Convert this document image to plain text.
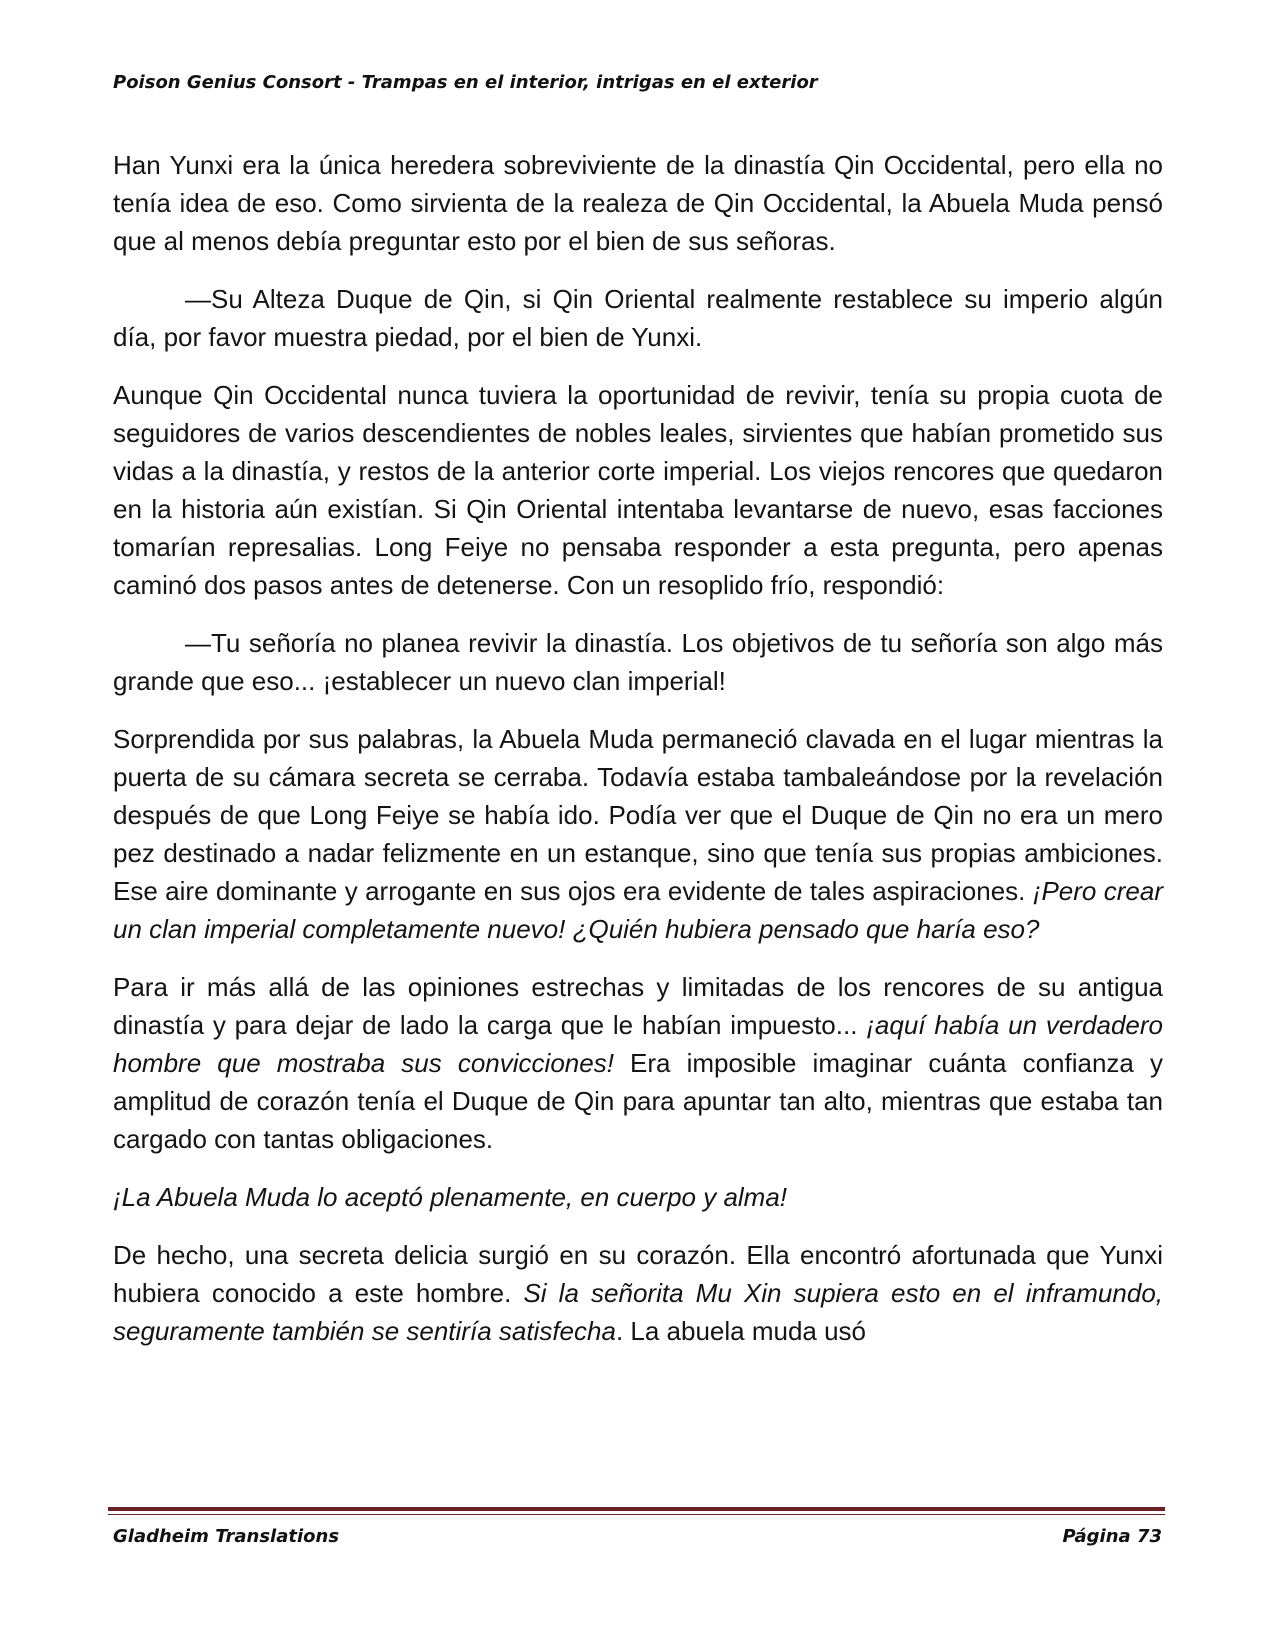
Poison Genius Consort - Trampas en el interior, intrigas en el exterior

Han Yunxi era la única heredera sobreviviente de la dinastía Qin Occidental, pero ella no tenía idea de eso. Como sirvienta de la realeza de Qin Occidental, la Abuela Muda pensó que al menos debía preguntar esto por el bien de sus señoras.

—Su Alteza Duque de Qin, si Qin Oriental realmente restablece su imperio algún día, por favor muestra piedad, por el bien de Yunxi.

Aunque Qin Occidental nunca tuviera la oportunidad de revivir, tenía su propia cuota de seguidores de varios descendientes de nobles leales, sirvientes que habían prometido sus vidas a la dinastía, y restos de la anterior corte imperial. Los viejos rencores que quedaron en la historia aún existían. Si Qin Oriental intentaba levantarse de nuevo, esas facciones tomarían represalias. Long Feiye no pensaba responder a esta pregunta, pero apenas caminó dos pasos antes de detenerse. Con un resoplido frío, respondió:

—Tu señoría no planea revivir la dinastía. Los objetivos de tu señoría son algo más grande que eso... ¡establecer un nuevo clan imperial!

Sorprendida por sus palabras, la Abuela Muda permaneció clavada en el lugar mientras la puerta de su cámara secreta se cerraba. Todavía estaba tambaleándose por la revelación después de que Long Feiye se había ido. Podía ver que el Duque de Qin no era un mero pez destinado a nadar felizmente en un estanque, sino que tenía sus propias ambiciones. Ese aire dominante y arrogante en sus ojos era evidente de tales aspiraciones. ¡Pero crear un clan imperial completamente nuevo! ¿Quién hubiera pensado que haría eso?

Para ir más allá de las opiniones estrechas y limitadas de los rencores de su antigua dinastía y para dejar de lado la carga que le habían impuesto... ¡aquí había un verdadero hombre que mostraba sus convicciones! Era imposible imaginar cuánta confianza y amplitud de corazón tenía el Duque de Qin para apuntar tan alto, mientras que estaba tan cargado con tantas obligaciones.

¡La Abuela Muda lo aceptó plenamente, en cuerpo y alma!

De hecho, una secreta delicia surgió en su corazón. Ella encontró afortunada que Yunxi hubiera conocido a este hombre. Si la señorita Mu Xin supiera esto en el inframundo, seguramente también se sentiría satisfecha. La abuela muda usó

Gladheim Translations	Página 73
